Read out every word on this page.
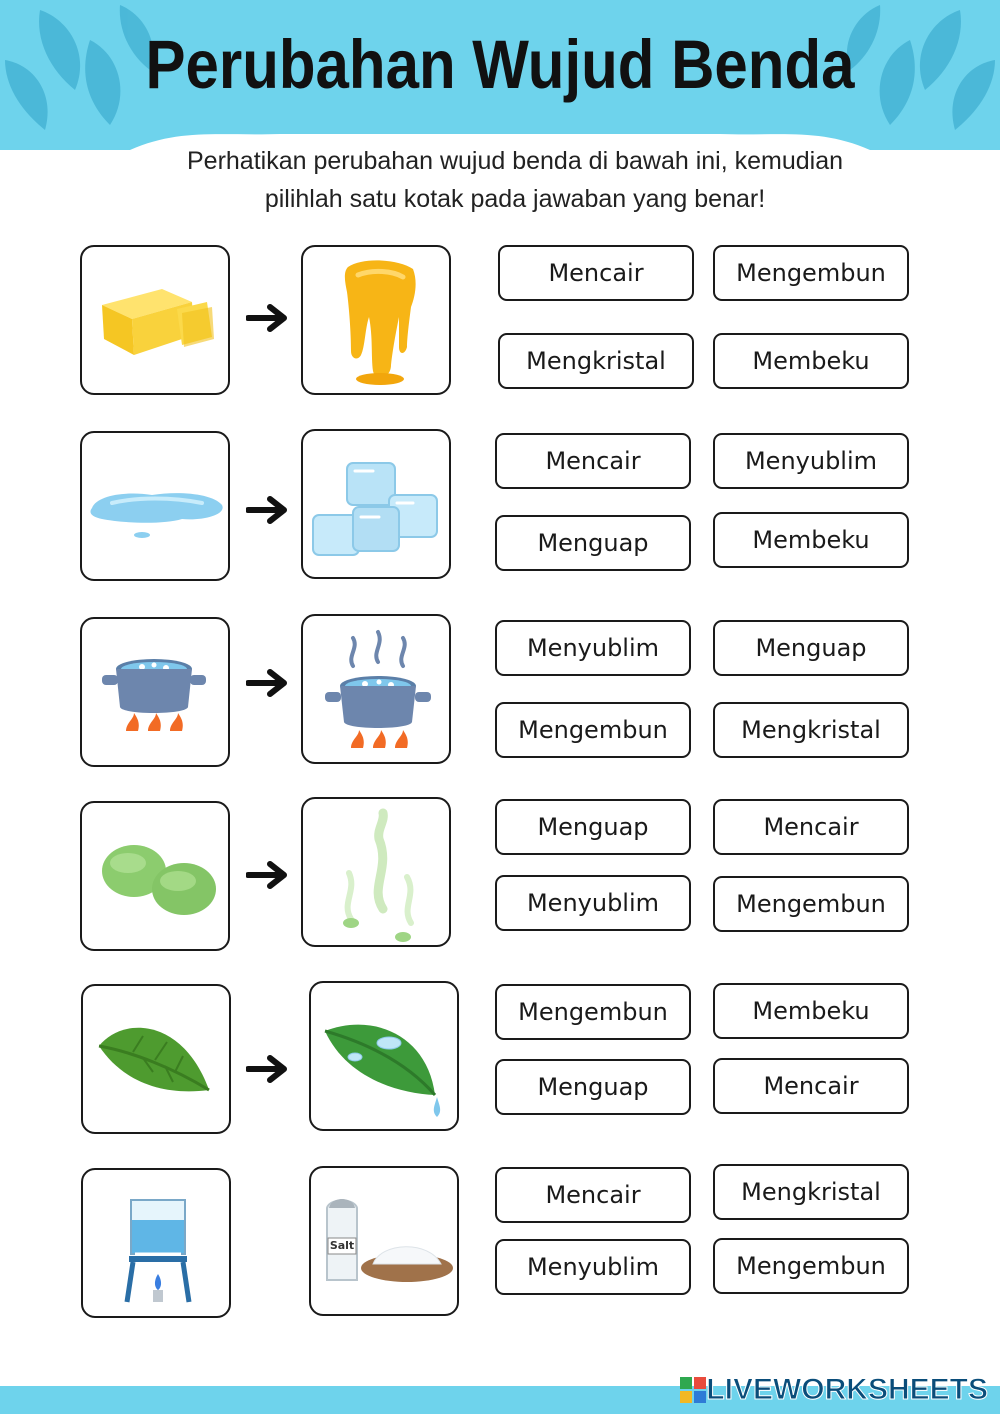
Perubahan Wujud Benda
Perhatikan perubahan wujud benda di bawah ini, kemudian
pilihlah satu kotak pada jawaban yang benar!
Mencair	Mengembun
Mengkristal	Membeku
Mencair	Menyublim
Menguap	Membeku
Menyublim	Menguap
Mengembun	Mengkristal
Menguap	Mencair
Menyublim	Mengembun
Mengembun	Membeku
Menguap	Mencair
Salt
Mencair	Mengkristal
Menyublim	Mengembun
LIVEWORKSHEETS
